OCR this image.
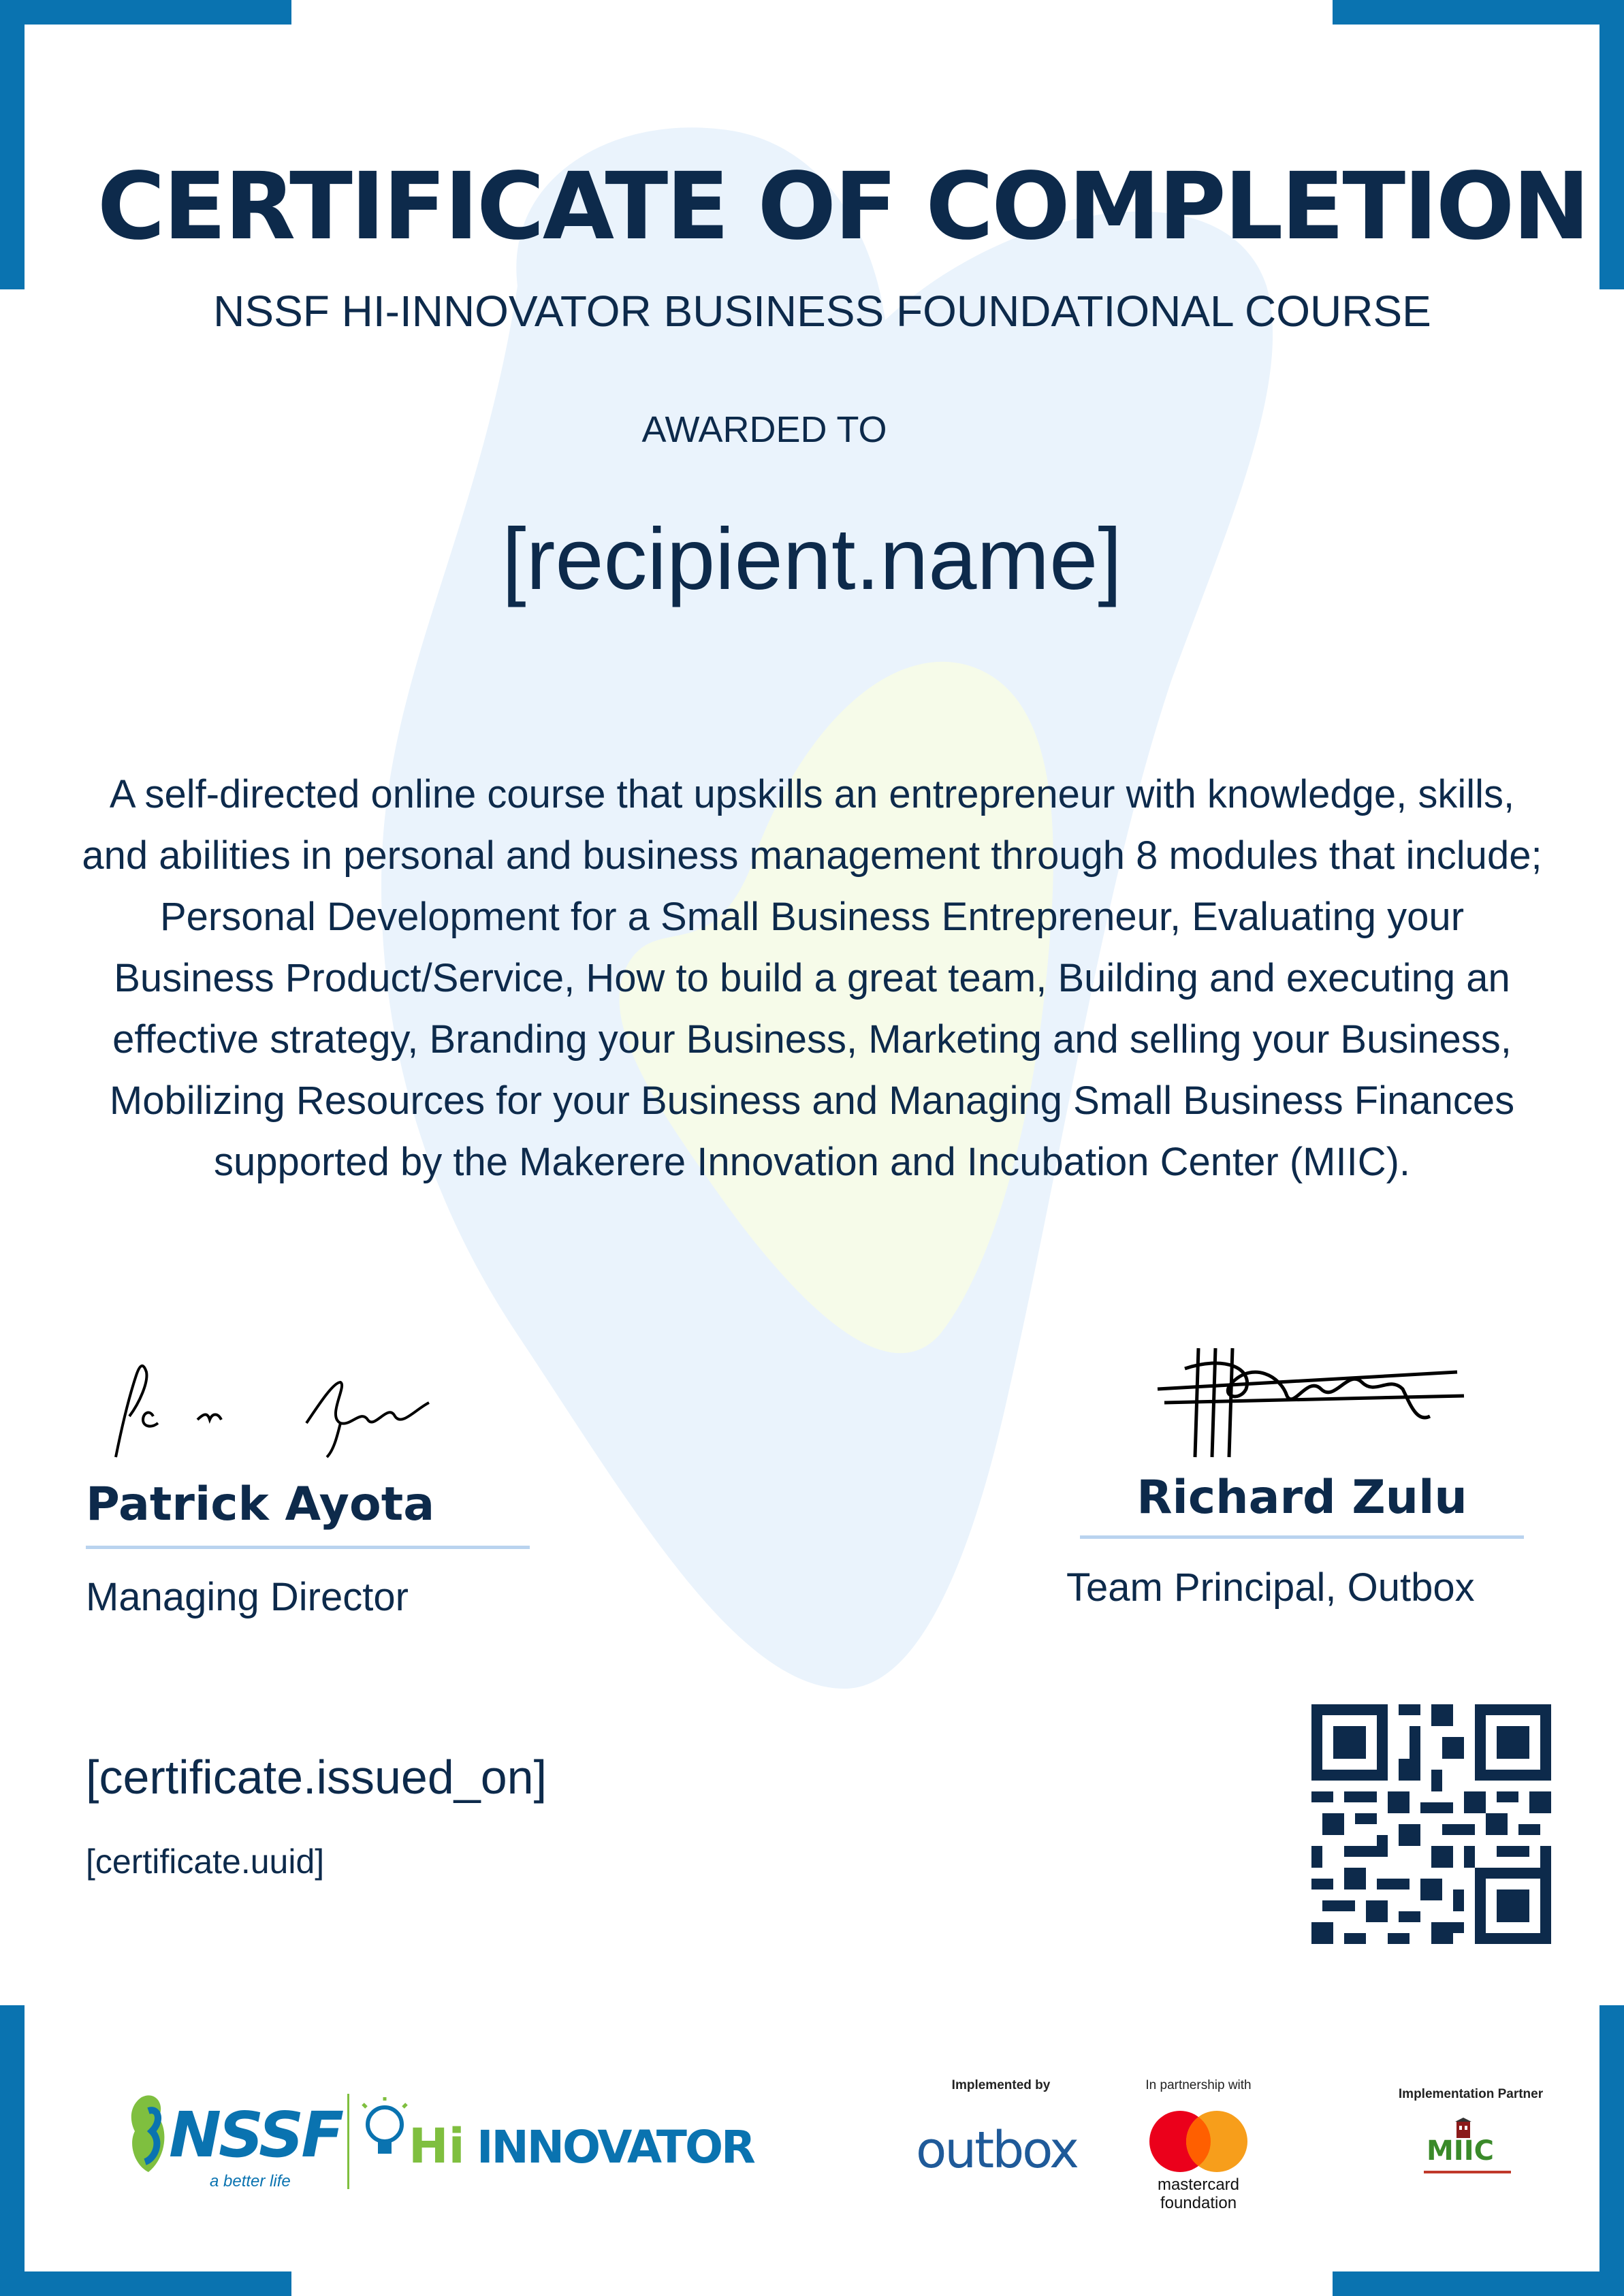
CERTIFICATE OF COMPLETION
NSSF HI-INNOVATOR BUSINESS FOUNDATIONAL COURSE
AWARDED TO
[recipient.name]
A self-directed online course that upskills an entrepreneur with knowledge, skills, and abilities in personal and business management through 8 modules that include; Personal Development for a Small Business Entrepreneur, Evaluating your Business Product/Service, How to build a great team, Building and executing an effective strategy, Branding your Business, Marketing and selling your Business, Mobilizing Resources for your Business and Managing Small Business Finances supported by the Makerere Innovation and Incubation Center (MIIC).
Patrick Ayota
Managing Director
Richard Zulu
Team Principal, Outbox
[certificate.issued_on]
[certificate.uuid]
NSSF
a better life
Hi INNOVATOR
Implemented by
outbox
In partnership with
mastercard
foundation
Implementation Partner
MIIC
